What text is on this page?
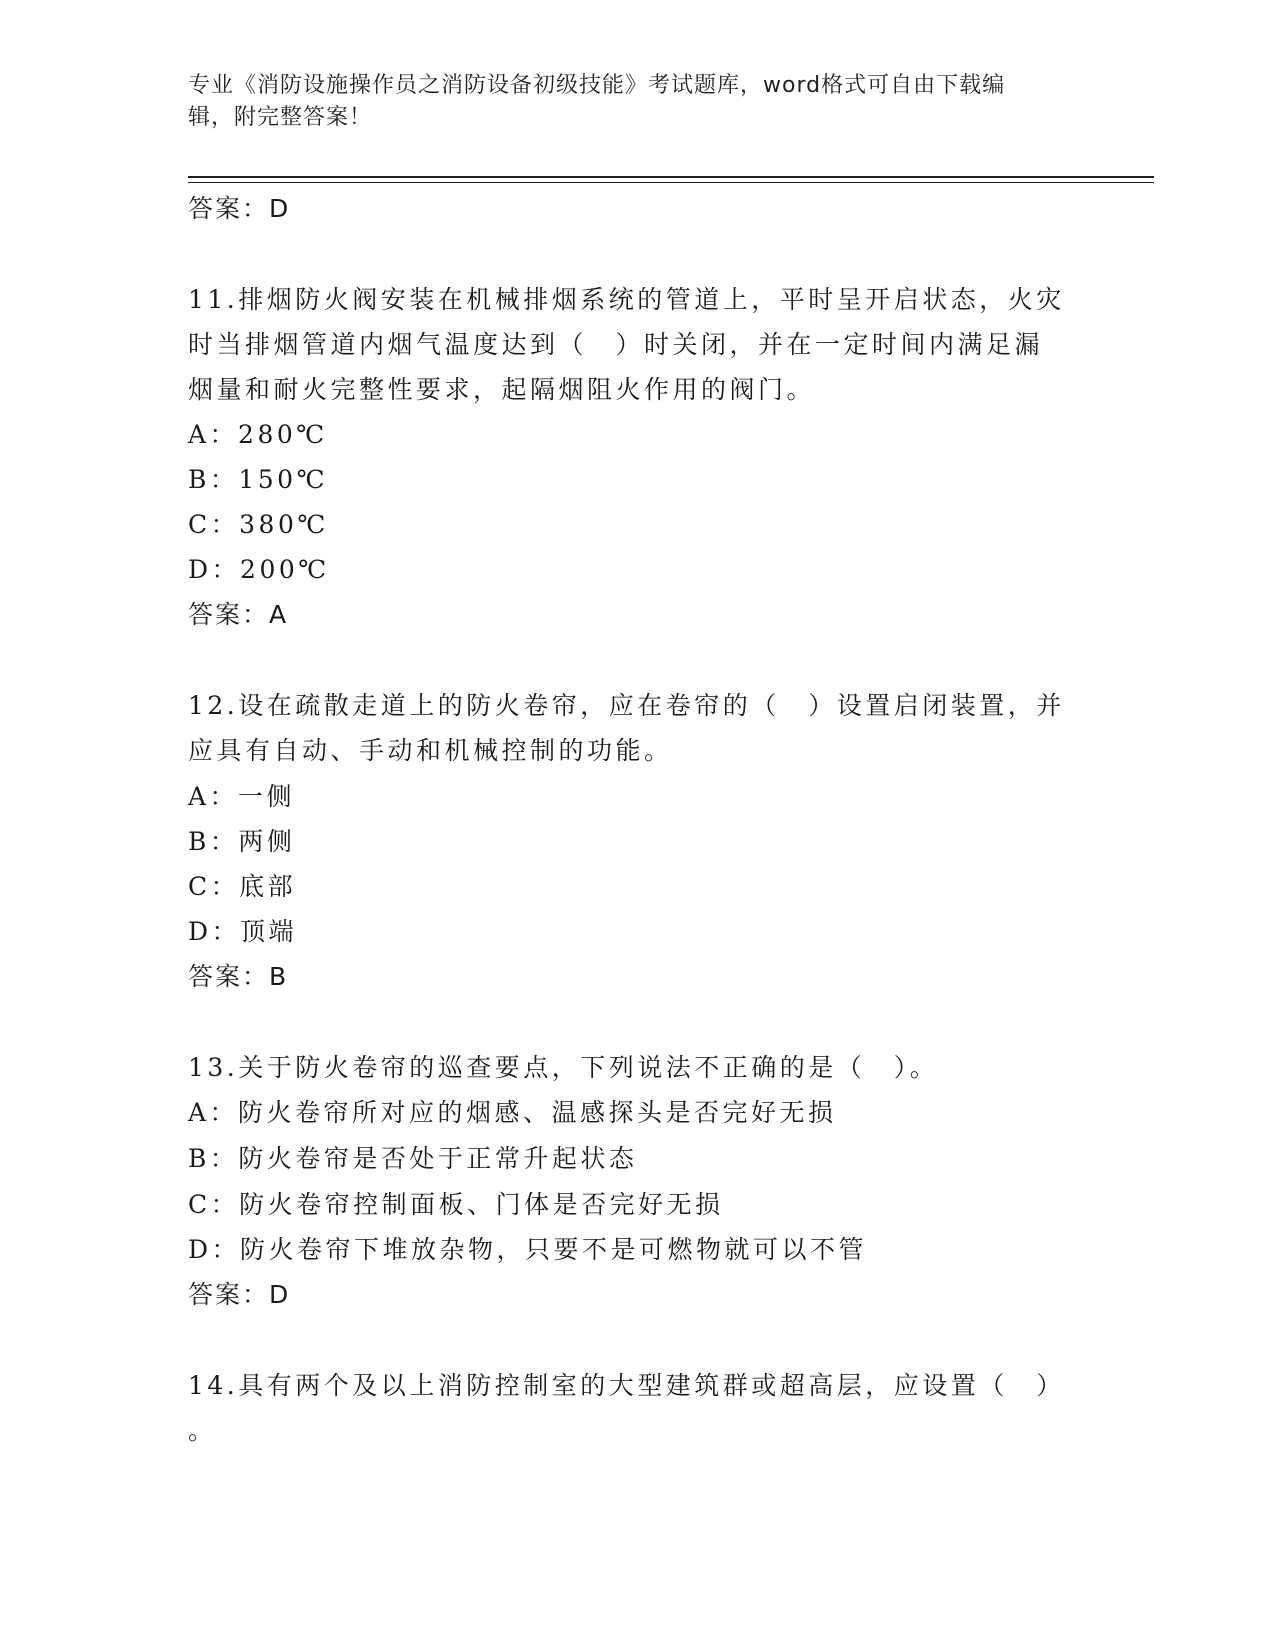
专业《消防设施操作员之消防设备初级技能》考试题库，word格式可自由下载编
辑，附完整答案！
答案：D
11.排烟防火阀安装在机械排烟系统的管道上，平时呈开启状态，火灾
时当排烟管道内烟气温度达到（　）时关闭，并在一定时间内满足漏
烟量和耐火完整性要求，起隔烟阻火作用的阀门。
A：280℃
B：150℃
C：380℃
D：200℃
答案：A
12.设在疏散走道上的防火卷帘，应在卷帘的（　）设置启闭装置，并
应具有自动、手动和机械控制的功能。
A：一侧
B：两侧
C：底部
D：顶端
答案：B
13.关于防火卷帘的巡查要点，下列说法不正确的是（　）。
A：防火卷帘所对应的烟感、温感探头是否完好无损
B：防火卷帘是否处于正常升起状态
C：防火卷帘控制面板、门体是否完好无损
D：防火卷帘下堆放杂物，只要不是可燃物就可以不管
答案：D
14.具有两个及以上消防控制室的大型建筑群或超高层，应设置（　）
。
